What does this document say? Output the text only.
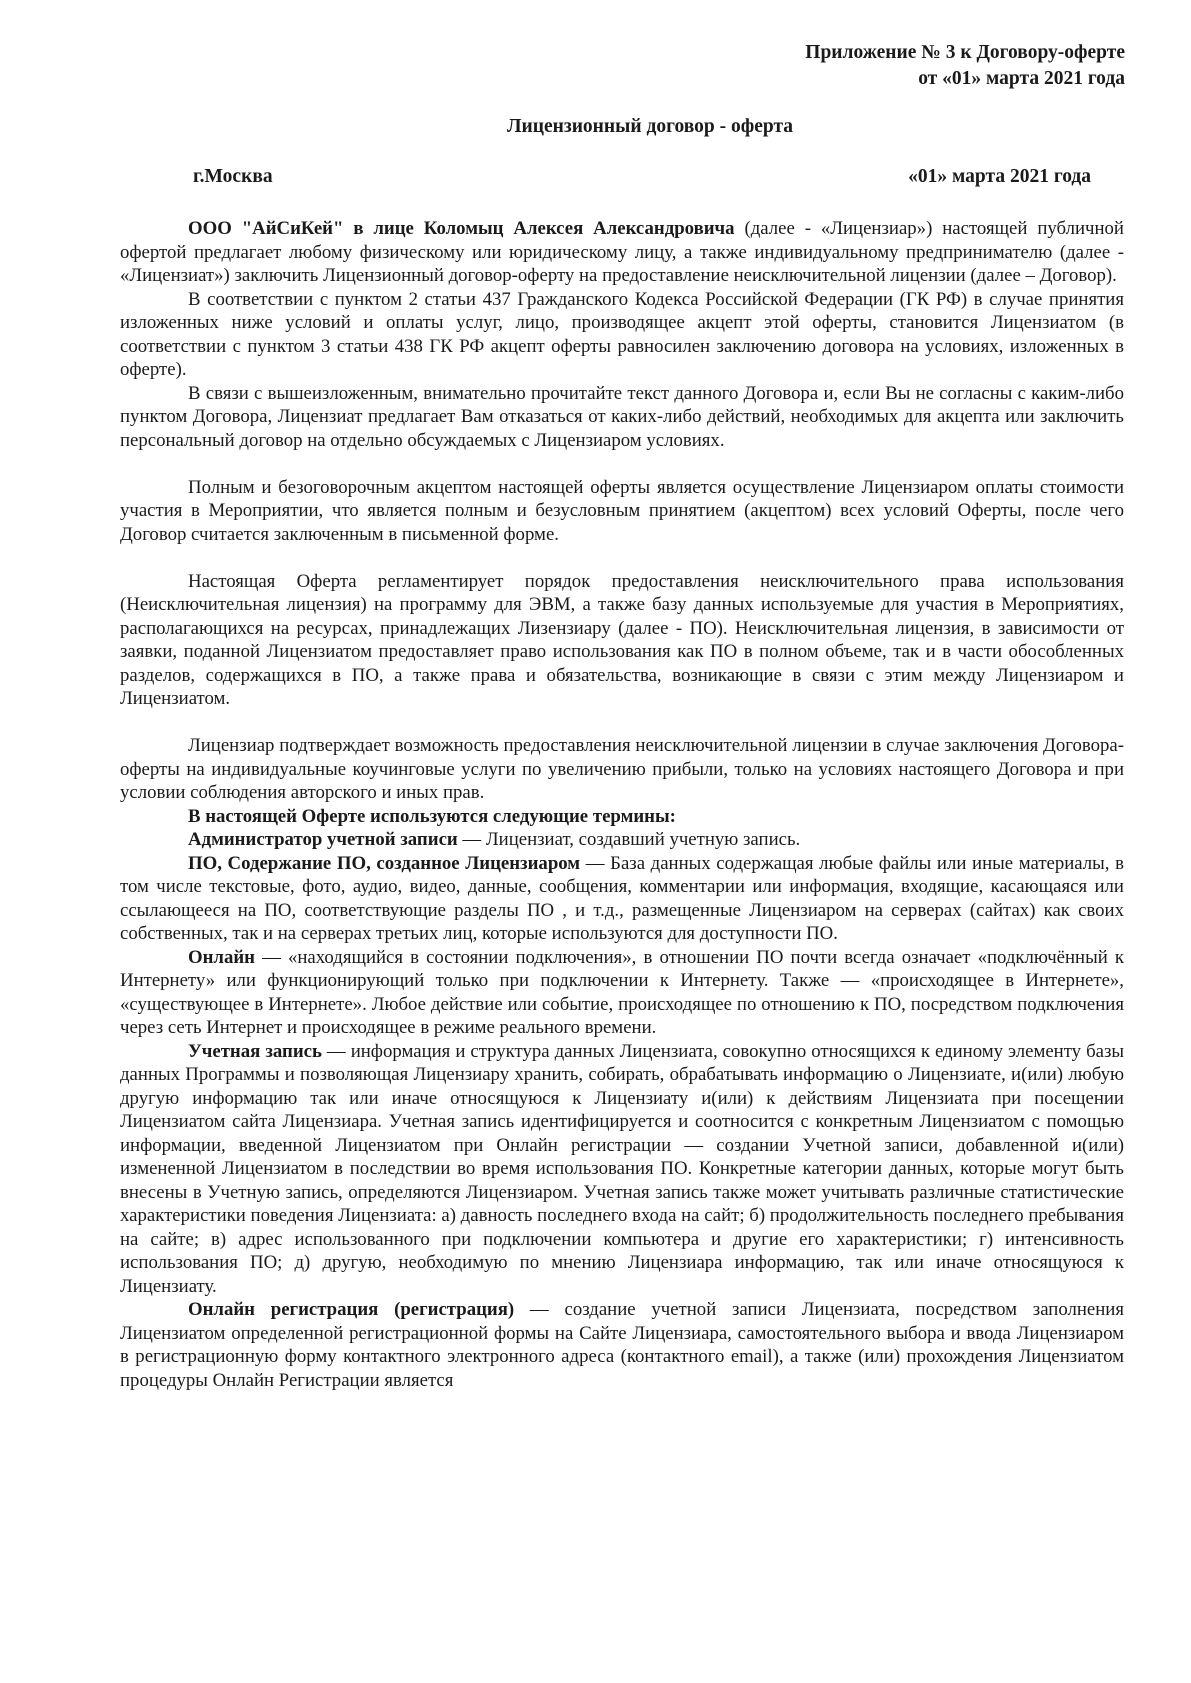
Приложение № 3 к Договору-оферте
от «01» марта 2021 года
Лицензионный договор - оферта
г.Москва	«01» марта 2021 года

ООО "АйСиКей" в лице Коломыц Алексея Александровича (далее - «Лицензиар») настоящей публичной офертой предлагает любому физическому или юридическому лицу, а также индивидуальному предпринимателю (далее - «Лицензиат») заключить Лицензионный договор-оферту на предоставление неисключительной лицензии (далее – Договор).

В соответствии с пунктом 2 статьи 437 Гражданского Кодекса Российской Федерации (ГК РФ) в случае принятия изложенных ниже условий и оплаты услуг, лицо, производящее акцепт этой оферты, становится Лицензиатом (в соответствии с пунктом 3 статьи 438 ГК РФ акцепт оферты равносилен заключению договора на условиях, изложенных в оферте).

В связи с вышеизложенным, внимательно прочитайте текст данного Договора и, если Вы не согласны с каким-либо пунктом Договора, Лицензиат предлагает Вам отказаться от каких-либо действий, необходимых для акцепта или заключить персональный договор на отдельно обсуждаемых с Лицензиаром условиях.

Полным и безоговорочным акцептом настоящей оферты является осуществление Лицензиаром оплаты стоимости участия в Мероприятии, что является полным и безусловным принятием (акцептом) всех условий Оферты, после чего Договор считается заключенным в письменной форме.

Настоящая Оферта регламентирует порядок предоставления неисключительного права использования (Неисключительная лицензия) на программу для ЭВМ, а также базу данных используемые для участия в Мероприятиях, располагающихся на ресурсах, принадлежащих Лизензиару (далее - ПО). Неисключительная лицензия, в зависимости от заявки, поданной Лицензиатом предоставляет право использования как ПО в полном объеме, так и в части обособленных разделов, содержащихся в ПО, а также права и обязательства, возникающие в связи с этим между Лицензиаром и Лицензиатом.

Лицензиар подтверждает возможность предоставления неисключительной лицензии в случае заключения Договора-оферты на индивидуальные коучинговые услуги по увеличению прибыли, только на условиях настоящего Договора и при условии соблюдения авторского и иных прав.

В настоящей Оферте используются следующие термины:

Администратор учетной записи — Лицензиат, создавший учетную запись.

ПО, Содержание ПО, созданное Лицензиаром — База данных содержащая любые файлы или иные материалы, в том числе текстовые, фото, аудио, видео, данные, сообщения, комментарии или информация, входящие, касающаяся или ссылающееся на ПО, соответствующие разделы ПО , и т.д., размещенные Лицензиаром на серверах (сайтах) как своих собственных, так и на серверах третьих лиц, которые используются для доступности ПО.

Онлайн — «находящийся в состоянии подключения», в отношении ПО почти всегда означает «подключённый к Интернету» или функционирующий только при подключении к Интернету. Также — «происходящее в Интернете», «существующее в Интернете». Любое действие или событие, происходящее по отношению к ПО, посредством подключения через сеть Интернет и происходящее в режиме реального времени.

Учетная запись — информация и структура данных Лицензиата, совокупно относящихся к единому элементу базы данных Программы и позволяющая Лицензиару хранить, собирать, обрабатывать информацию о Лицензиате, и(или) любую другую информацию так или иначе относящуюся к Лицензиату и(или) к действиям Лицензиата при посещении Лицензиатом сайта Лицензиара. Учетная запись идентифицируется и соотносится с конкретным Лицензиатом с помощью информации, введенной Лицензиатом при Онлайн регистрации — создании Учетной записи, добавленной и(или) измененной Лицензиатом в последствии во время использования ПО. Конкретные категории данных, которые могут быть внесены в Учетную запись, определяются Лицензиаром. Учетная запись также может учитывать различные статистические характеристики поведения Лицензиата: а) давность последнего входа на сайт; б) продолжительность последнего пребывания на сайте; в) адрес использованного при подключении компьютера и другие его характеристики; г) интенсивность использования ПО; д) другую, необходимую по мнению Лицензиара информацию, так или иначе относящуюся к Лицензиату.

Онлайн регистрация (регистрация) — создание учетной записи Лицензиата, посредством заполнения Лицензиатом определенной регистрационной формы на Сайте Лицензиара, самостоятельного выбора и ввода Лицензиаром в регистрационную форму контактного электронного адреса (контактного email), а также (или) прохождения Лицензиатом процедуры Онлайн Регистрации является
